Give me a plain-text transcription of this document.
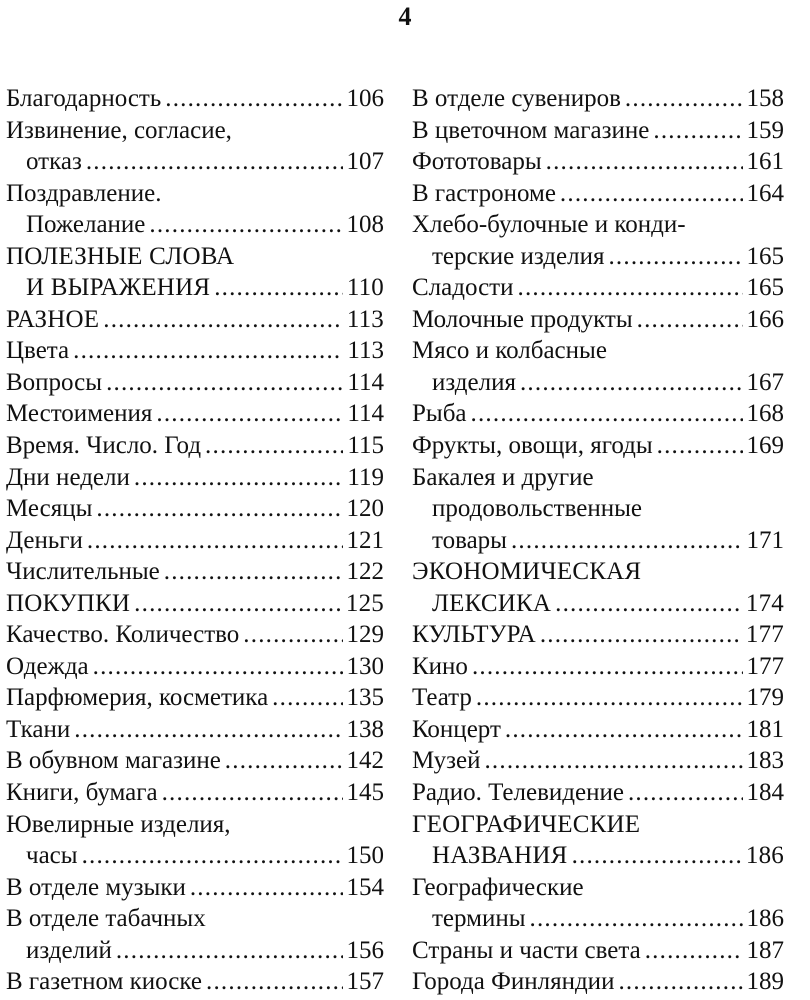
4
Благодарность .....	106
Извинение, согласие,
отказ .....	107
Поздравление.
Пожелание .....	108
ПОЛЕЗНЫЕ СЛОВА
И ВЫРАЖЕНИЯ .....	110
РАЗНОЕ .....	113
Цвета .....	113
Вопросы .....	114
Местоимения .....	114
Время. Число. Год .....	115
Дни недели .....	119
Месяцы .....	120
Деньги .....	121
Числительные .....	122
ПОКУПКИ .....	125
Качество. Количество .....	129
Одежда .....	130
Парфюмерия, косметика .....	135
Ткани .....	138
В обувном магазине .....	142
Книги, бумага .....	145
Ювелирные изделия,
часы .....	150
В отделе музыки .....	154
В отделе табачных
изделий .....	156
В газетном киоске .....	157
В отделе сувениров .....	158
В цветочном магазине .....	159
Фототовары .....	161
В гастрономе .....	164
Хлебо-булочные и конди-
терские изделия .....	165
Сладости .....	165
Молочные продукты .....	166
Мясо и колбасные
изделия .....	167
Рыба .....	168
Фрукты, овощи, ягоды .....	169
Бакалея и другие
продовольственные
товары .....	171
ЭКОНОМИЧЕСКАЯ
ЛЕКСИКА .....	174
КУЛЬТУРА .....	177
Кино .....	177
Театр .....	179
Концерт .....	181
Музей .....	183
Радио. Телевидение .....	184
ГЕОГРАФИЧЕСКИЕ
НАЗВАНИЯ .....	186
Географические
термины .....	186
Страны и части света .....	187
Города Финляндии .....	189
